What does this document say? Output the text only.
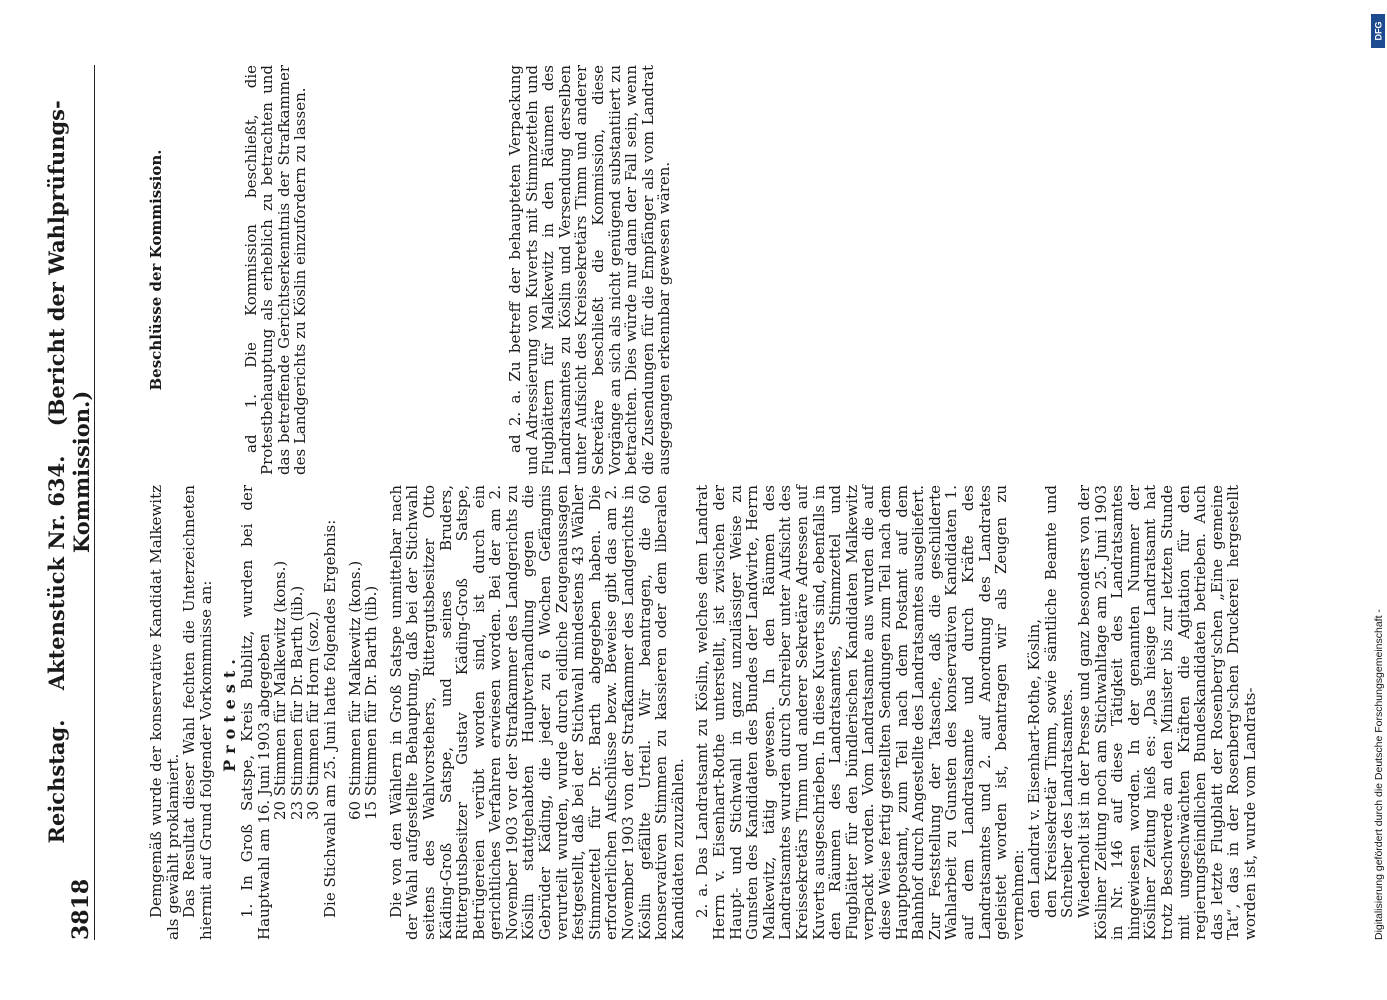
3818
Reichstag.    Aktenstück Nr. 634.    (Bericht der Wahlprüfungs-Kommission.)

Demgemäß wurde der konservative Kandidat Malkewitz als gewählt proklamiert.

Das Resultat dieser Wahl fechten die Unterzeichneten hiermit auf Grund folgender Vorkommnisse an: Protest.

1. In Groß Satspe, Kreis Bublitz, wurden bei der Hauptwahl am 16. Juni 1903 abgegeben

20 Stimmen für Malkewitz (kons.)

23 Stimmen für Dr. Barth (lib.)

30 Stimmen für Horn (soz.)

Die Stichwahl am 25. Juni hatte folgendes Ergebnis: 60 Stimmen für Malkewitz (kons.)

15 Stimmen für Dr. Barth (lib.) Die von den Wählern in Groß Satspe unmittelbar nach der Wahl aufgestellte Behauptung, daß bei der Stichwahl seitens des Wahlvorstehers, Rittergutsbesitzer Otto Käding-Groß Satspe, und seines Bruders, Rittergutsbesitzer Gustav Käding-Groß Satspe, Betrügereien verübt worden sind, ist durch ein gerichtliches Verfahren erwiesen worden. Bei der am 2. November 1903 vor der Strafkammer des Landgerichts zu Köslin stattgehabten Hauptverhandlung gegen die Gebrüder Käding, die jeder zu 6 Wochen Gefängnis verurteilt wurden, wurde durch eidliche Zeugenaussagen festgestellt, daß bei der Stichwahl mindestens 43 Wähler Stimmzettel für Dr. Barth abgegeben haben. Die erforderlichen Aufschlüsse bezw. Beweise gibt das am 2. November 1903 von der Strafkammer des Landgerichts in Köslin gefällte Urteil. Wir beantragen, die 60 konservativen Stimmen zu kassieren oder dem liberalen Kandidaten zuzuzählen. 2. a. Das Landratsamt zu Köslin, welches dem Landrat Herrn v. Eisenhart-Rothe unterstellt, ist zwischen der Haupt- und Stichwahl in ganz unzulässiger Weise zu Gunsten des Kandidaten des Bundes der Landwirte, Herrn Malkewitz, tätig gewesen. In den Räumen des Landratsamtes wurden durch Schreiber unter Aufsicht des Kreissekretärs Timm und anderer Sekretäre Adressen auf Kuverts ausgeschrieben. In diese Kuverts sind, ebenfalls in den Räumen des Landratsamtes, Stimmzettel und Flugblätter für den bündlerischen Kandidaten Malkewitz verpackt worden. Vom Landratsamte aus wurden die auf diese Weise fertig gestellten Sendungen zum Teil nach dem Hauptpostamt, zum Teil nach dem Postamt auf dem Bahnhof durch Angestellte des Landratsamtes ausgeliefert. Zur Feststellung der Tatsache, daß die geschilderte Wahlarbeit zu Gunsten des konservativen Kandidaten 1. auf dem Landratsamte und durch Kräfte des Landratsamtes und 2. auf Anordnung des Landrates geleistet worden ist, beantragen wir als Zeugen zu vernehmen:

den Landrat v. Eisenhart-Rothe, Köslin,

den Kreissekretär Timm, sowie sämtliche Beamte und Schreiber des Landratsamtes.

Wiederholt ist in der Presse und ganz besonders von der Kösliner Zeitung noch am Stichwahltage am 25. Juni 1903 in Nr. 146 auf diese Tätigkeit des Landratsamtes hingewiesen worden. In der genannten Nummer der Kösliner Zeitung hieß es: „Das hiesige Landratsamt hat trotz Beschwerde an den Minister bis zur letzten Stunde mit ungeschwächten Kräften die Agitation für den regierungsfeindlichen Bundeskandidaten betrieben. Auch das letzte Flugblatt der Rosenberg'schen „Eine gemeine Tat“, das in der Rosenberg'schen Druckerei hergestellt worden ist, wurde vom Landrats-

Beschlüsse der Kommission.	ad 1. Die Kommission beschließt, die Protestbehauptung als erheblich zu betrachten und das betreffende Gerichtserkenntnis der Strafkammer des Landgerichts zu Köslin einzufordern zu lassen.	ad 2. a. Zu betreff der behaupteten Verpackung und Adressierung von Kuverts mit Stimmzetteln und Flugblättern für Malkewitz in den Räumen des Landratsamtes zu Köslin und Versendung derselben unter Aufsicht des Kreissekretärs Timm und anderer Sekretäre beschließt die Kommission, diese Vorgänge an sich als nicht genügend substantiiert zu betrachten. Dies würde nur dann der Fall sein, wenn die Zusendungen für die Empfänger als vom Landrat ausgegangen erkennbar gewesen wären.

DFG
Digitalisierung gefördert durch die Deutsche Forschungsgemeinschaft -
